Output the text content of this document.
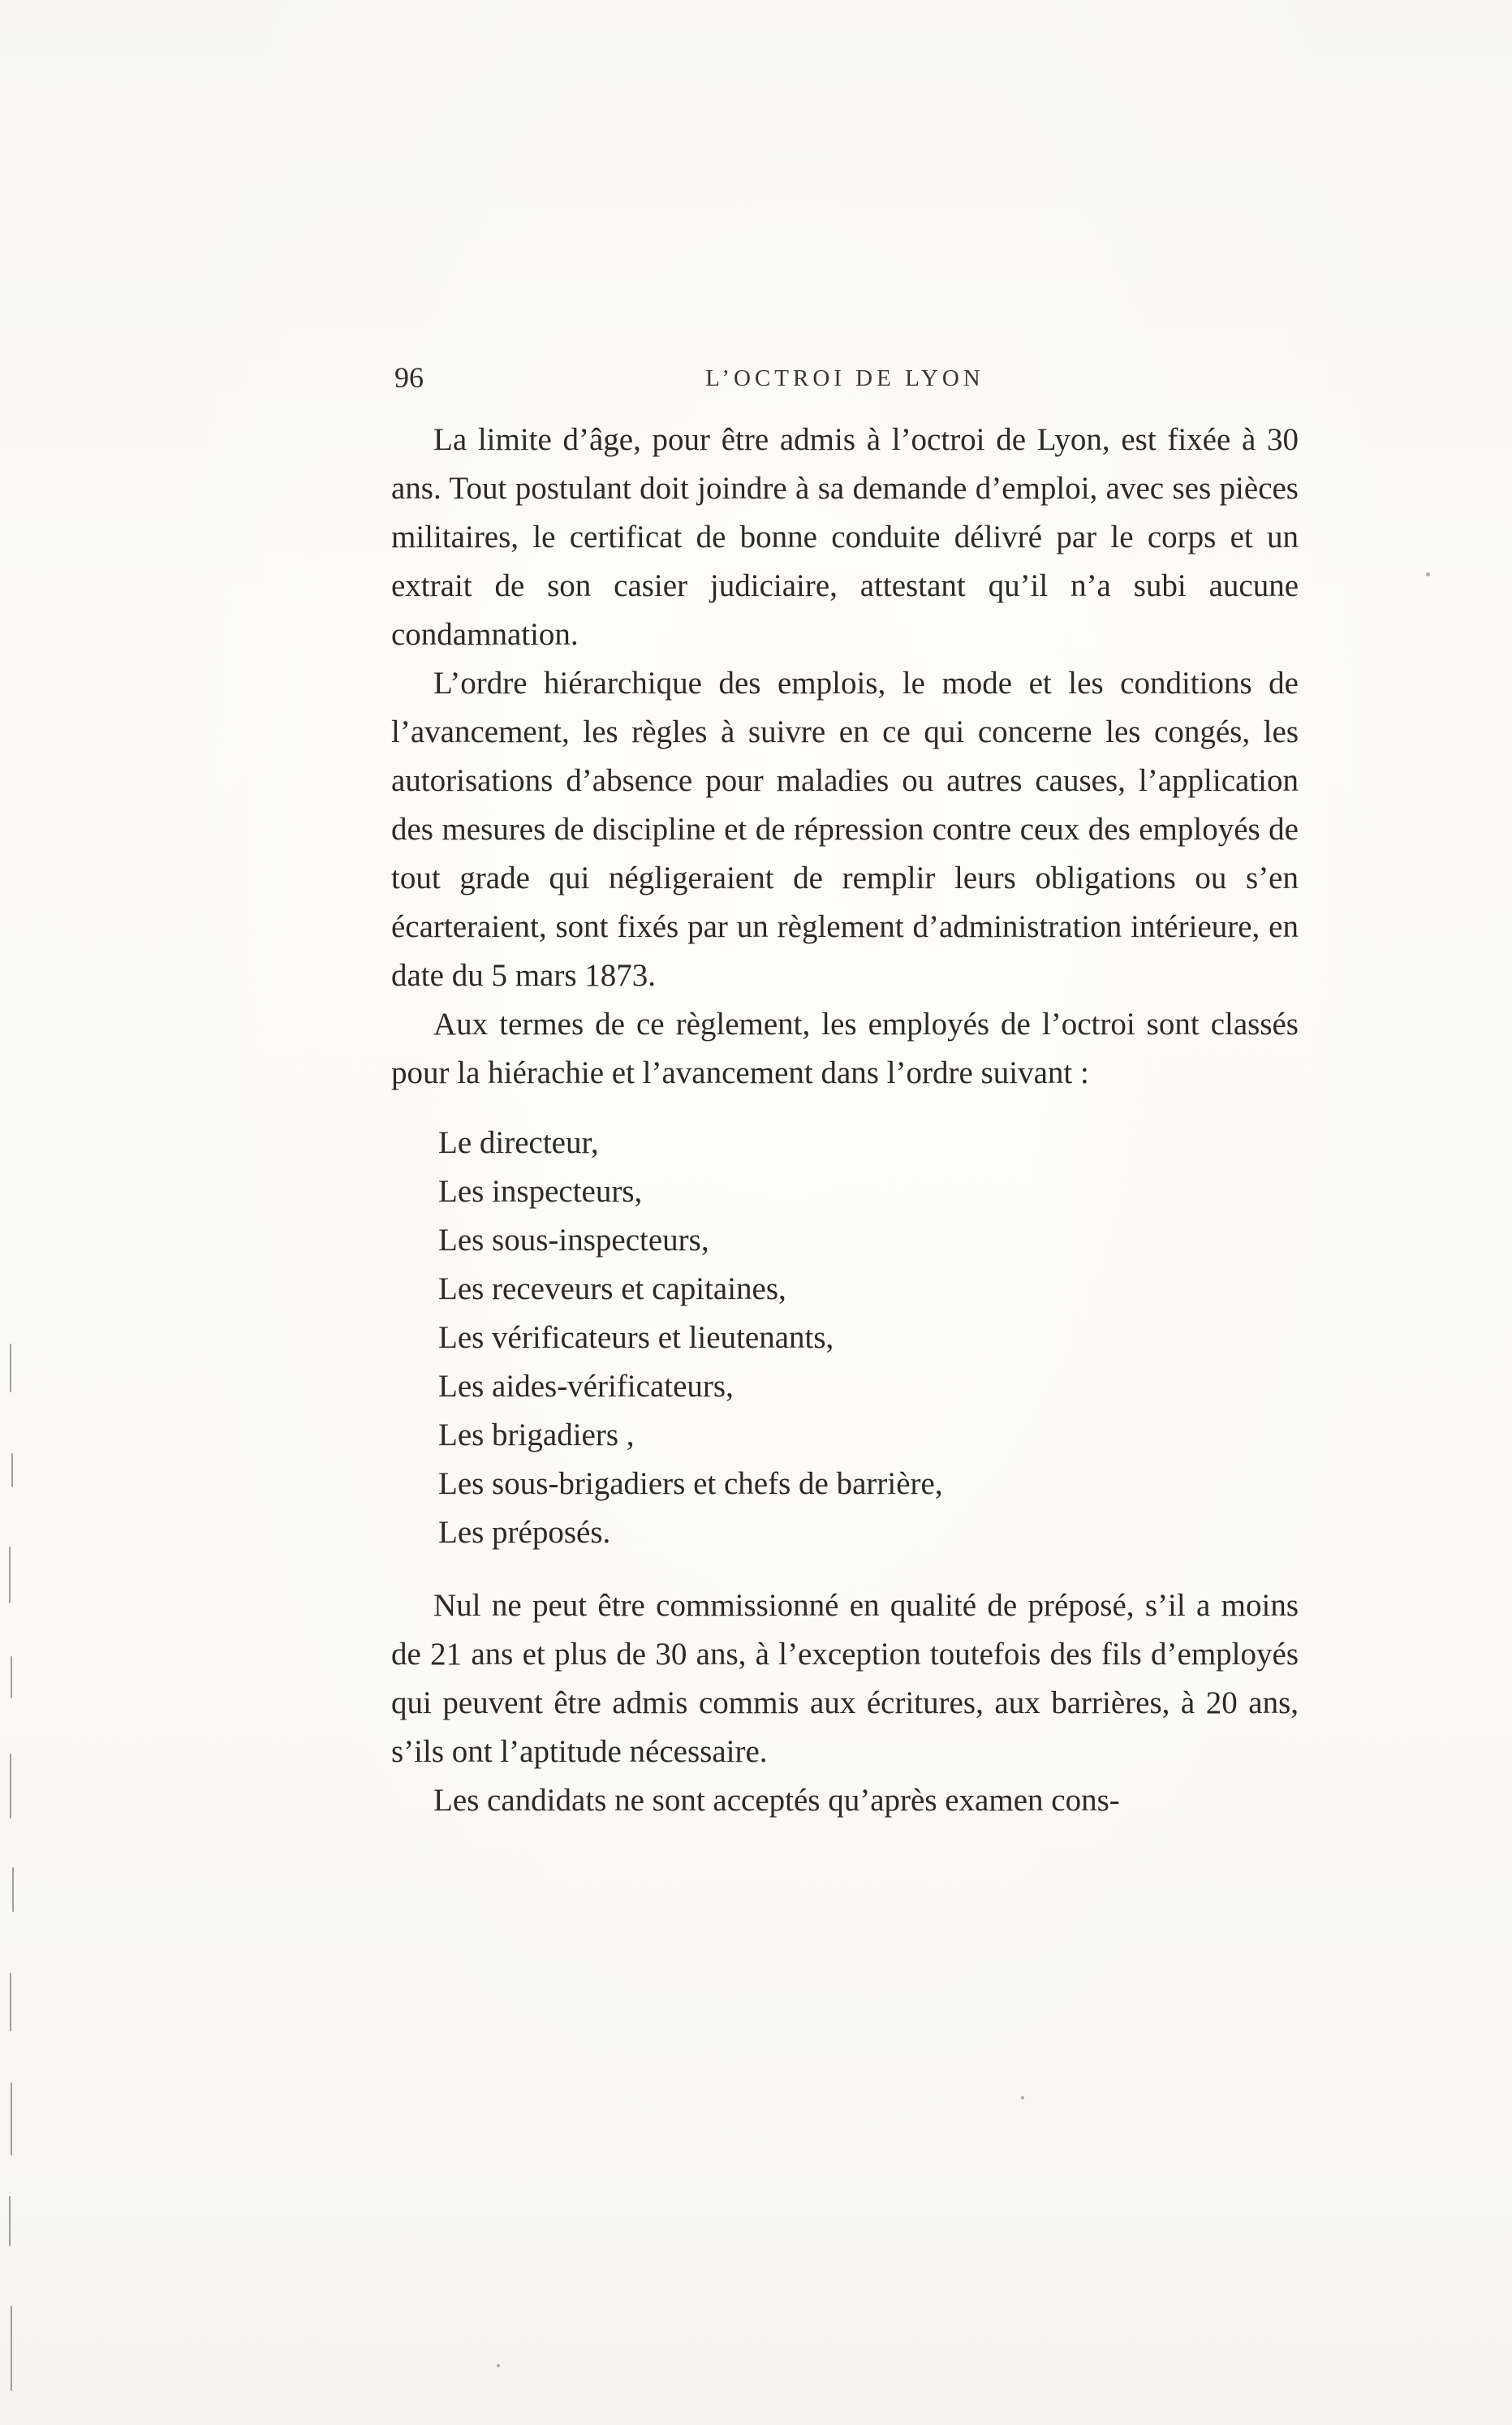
96	L’OCTROI DE LYON

La limite d’âge, pour être admis à l’octroi de Lyon, est fixée à 30 ans. Tout postulant doit joindre à sa demande d’emploi, avec ses pièces militaires, le certificat de bonne conduite délivré par le corps et un extrait de son casier judiciaire, attestant qu’il n’a subi aucune condamnation.

L’ordre hiérarchique des emplois, le mode et les conditions de l’avancement, les règles à suivre en ce qui concerne les congés, les autorisations d’absence pour maladies ou autres causes, l’application des mesures de discipline et de répression contre ceux des employés de tout grade qui négligeraient de remplir leurs obligations ou s’en écarteraient, sont fixés par un règlement d’administration intérieure, en date du 5 mars 1873.

Aux termes de ce règlement, les employés de l’octroi sont classés pour la hiérachie et l’avancement dans l’ordre suivant :

Le directeur,
Les inspecteurs,
Les sous-inspecteurs,
Les receveurs et capitaines,
Les vérificateurs et lieutenants,
Les aides-vérificateurs,
Les brigadiers ,
Les sous-brigadiers et chefs de barrière,
Les préposés.

Nul ne peut être commissionné en qualité de préposé, s’il a moins de 21 ans et plus de 30 ans, à l’exception toutefois des fils d’employés qui peuvent être admis commis aux écritures, aux barrières, à 20 ans, s’ils ont l’aptitude nécessaire.

Les candidats ne sont acceptés qu’après examen cons-
